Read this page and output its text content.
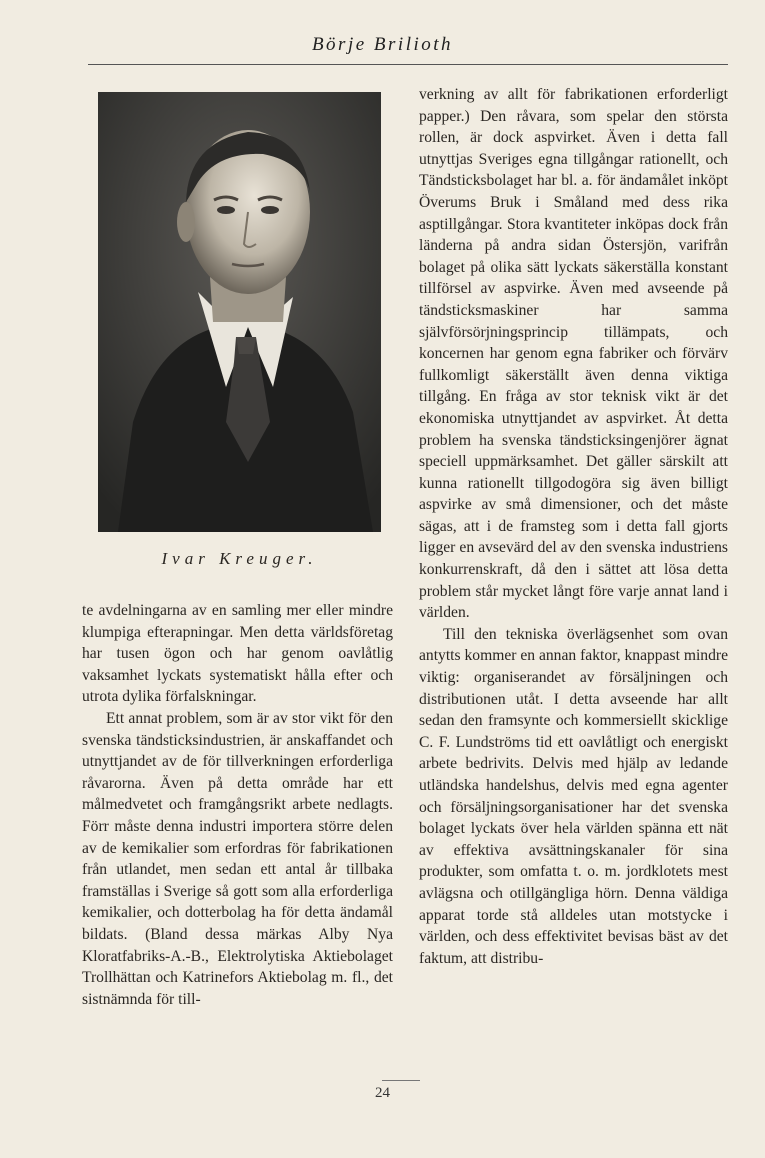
Börje Brilioth
Ivar Kreuger.

te avdelningarna av en samling mer eller mindre klumpiga efterapningar. Men detta världsföretag har tusen ögon och har genom oavlåtlig vaksamhet lyckats systematiskt hålla efter och utrota dylika förfalskningar.

Ett annat problem, som är av stor vikt för den svenska tändsticksindustrien, är anskaffandet och utnyttjandet av de för tillverkningen erforderliga råvarorna. Även på detta område har ett målmedvetet och framgångsrikt arbete nedlagts. Förr måste denna industri importera större delen av de kemikalier som erfordras för fabrikationen från utlandet, men sedan ett antal år tillbaka framställas i Sverige så gott som alla erforderliga kemikalier, och dotterbolag ha för detta ändamål bildats. (Bland dessa märkas Alby Nya Kloratfabriks-A.-B., Elektrolytiska Aktiebolaget Trollhättan och Katrinefors Aktiebolag m. fl., det sistnämnda för till-

verkning av allt för fabrikationen erforderligt papper.) Den råvara, som spelar den största rollen, är dock aspvirket. Även i detta fall utnyttjas Sveriges egna tillgångar rationellt, och Tändsticksbolaget har bl. a. för ändamålet inköpt Överums Bruk i Småland med dess rika asptillgångar. Stora kvantiteter inköpas dock från länderna på andra sidan Östersjön, varifrån bolaget på olika sätt lyckats säkerställa konstant tillförsel av aspvirke. Även med avseende på tändsticksmaskiner har samma självförsörjningsprincip tillämpats, och koncernen har genom egna fabriker och förvärv fullkomligt säkerställt även denna viktiga tillgång. En fråga av stor teknisk vikt är det ekonomiska utnyttjandet av aspvirket. Åt detta problem ha svenska tändsticksingenjörer ägnat speciell uppmärksamhet. Det gäller särskilt att kunna rationellt tillgodogöra sig även billigt aspvirke av små dimensioner, och det måste sägas, att i de framsteg som i detta fall gjorts ligger en avsevärd del av den svenska industriens konkurrenskraft, då den i sättet att lösa detta problem står mycket långt före varje annat land i världen.

Till den tekniska överlägsenhet som ovan antytts kommer en annan faktor, knappast mindre viktig: organiserandet av försäljningen och distributionen utåt. I detta avseende har allt sedan den framsynte och kommersiellt skicklige C. F. Lundströms tid ett oavlåtligt och energiskt arbete bedrivits. Delvis med hjälp av ledande utländska handelshus, delvis med egna agenter och försäljningsorganisationer har det svenska bolaget lyckats över hela världen spänna ett nät av effektiva avsättningskanaler för sina produkter, som omfatta t. o. m. jordklotets mest avlägsna och otillgängliga hörn. Denna väldiga apparat torde stå alldeles utan motstycke i världen, och dess effektivitet bevisas bäst av det faktum, att distribu-

24
